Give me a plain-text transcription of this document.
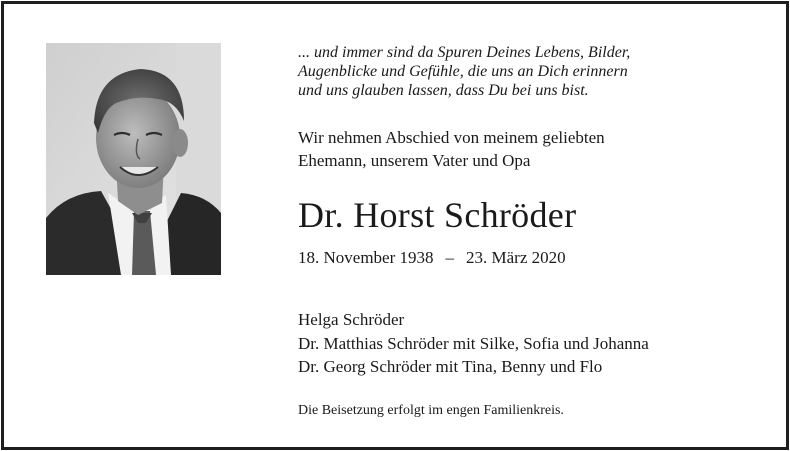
... und immer sind da Spuren Deines Lebens, Bilder,
Augenblicke und Gefühle, die uns an Dich erinnern
und uns glauben lassen, dass Du bei uns bist.
Wir nehmen Abschied von meinem geliebten
Ehemann, unserem Vater und Opa
Dr. Horst Schröder
18. November 1938 – 23. März 2020
Helga Schröder
Dr. Matthias Schröder mit Silke, Sofia und Johanna
Dr. Georg Schröder mit Tina, Benny und Flo
Die Beisetzung erfolgt im engen Familienkreis.
